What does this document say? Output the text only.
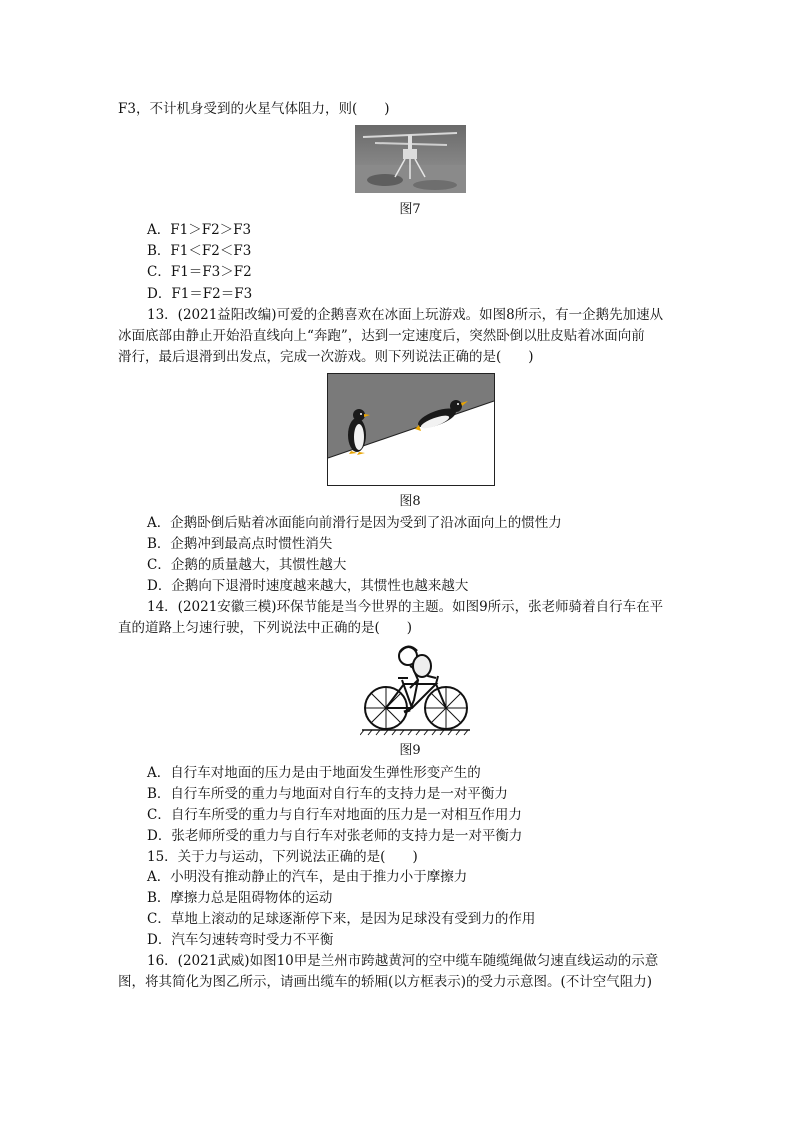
F3，不计机身受到的火星气体阻力，则(　　)
图7
A．F1＞F2＞F3
B．F1＜F2＜F3
C．F1＝F3＞F2
D．F1＝F2＝F3
13．(2021益阳改编)可爱的企鹅喜欢在冰面上玩游戏。如图8所示，有一企鹅先加速从
冰面底部由静止开始沿直线向上“奔跑”，达到一定速度后，突然卧倒以肚皮贴着冰面向前
滑行，最后退滑到出发点，完成一次游戏。则下列说法正确的是(　　)
图8
A．企鹅卧倒后贴着冰面能向前滑行是因为受到了沿冰面向上的惯性力
B．企鹅冲到最高点时惯性消失
C．企鹅的质量越大，其惯性越大
D．企鹅向下退滑时速度越来越大，其惯性也越来越大
14．(2021安徽三模)环保节能是当今世界的主题。如图9所示，张老师骑着自行车在平
直的道路上匀速行驶，下列说法中正确的是(　　)
图9
A．自行车对地面的压力是由于地面发生弹性形变产生的
B．自行车所受的重力与地面对自行车的支持力是一对平衡力
C．自行车所受的重力与自行车对地面的压力是一对相互作用力
D．张老师所受的重力与自行车对张老师的支持力是一对平衡力
15．关于力与运动，下列说法正确的是(　　)
A．小明没有推动静止的汽车，是由于推力小于摩擦力
B．摩擦力总是阻碍物体的运动
C．草地上滚动的足球逐渐停下来，是因为足球没有受到力的作用
D．汽车匀速转弯时受力不平衡
16．(2021武威)如图10甲是兰州市跨越黄河的空中缆车随缆绳做匀速直线运动的示意
图，将其简化为图乙所示，请画出缆车的轿厢(以方框表示)的受力示意图。(不计空气阻力)
